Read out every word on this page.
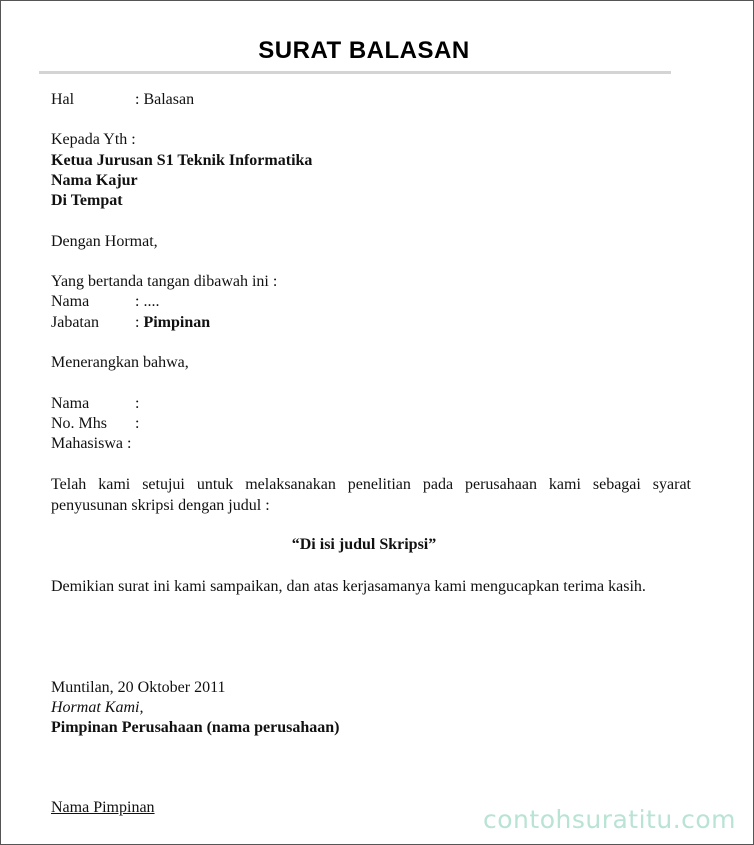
SURAT BALASAN
Hal	: Balasan
Kepada Yth :
Ketua Jurusan S1 Teknik Informatika
Nama Kajur
Di Tempat
Dengan Hormat,
Yang bertanda tangan dibawah ini :
Nama	: ....
Jabatan : Pimpinan
Menerangkan bahwa,
Nama	:
No. Mhs :
Mahasiswa :
Telah kami setujui untuk melaksanakan penelitian pada perusahaan kami sebagai syarat penyusunan skripsi dengan judul :
“Di isi judul Skripsi”
Demikian surat ini kami sampaikan, dan atas kerjasamanya kami mengucapkan terima kasih.
Muntilan, 20 Oktober 2011
Hormat Kami,
Pimpinan Perusahaan (nama perusahaan)
Nama Pimpinan	contohsuratitu.com
